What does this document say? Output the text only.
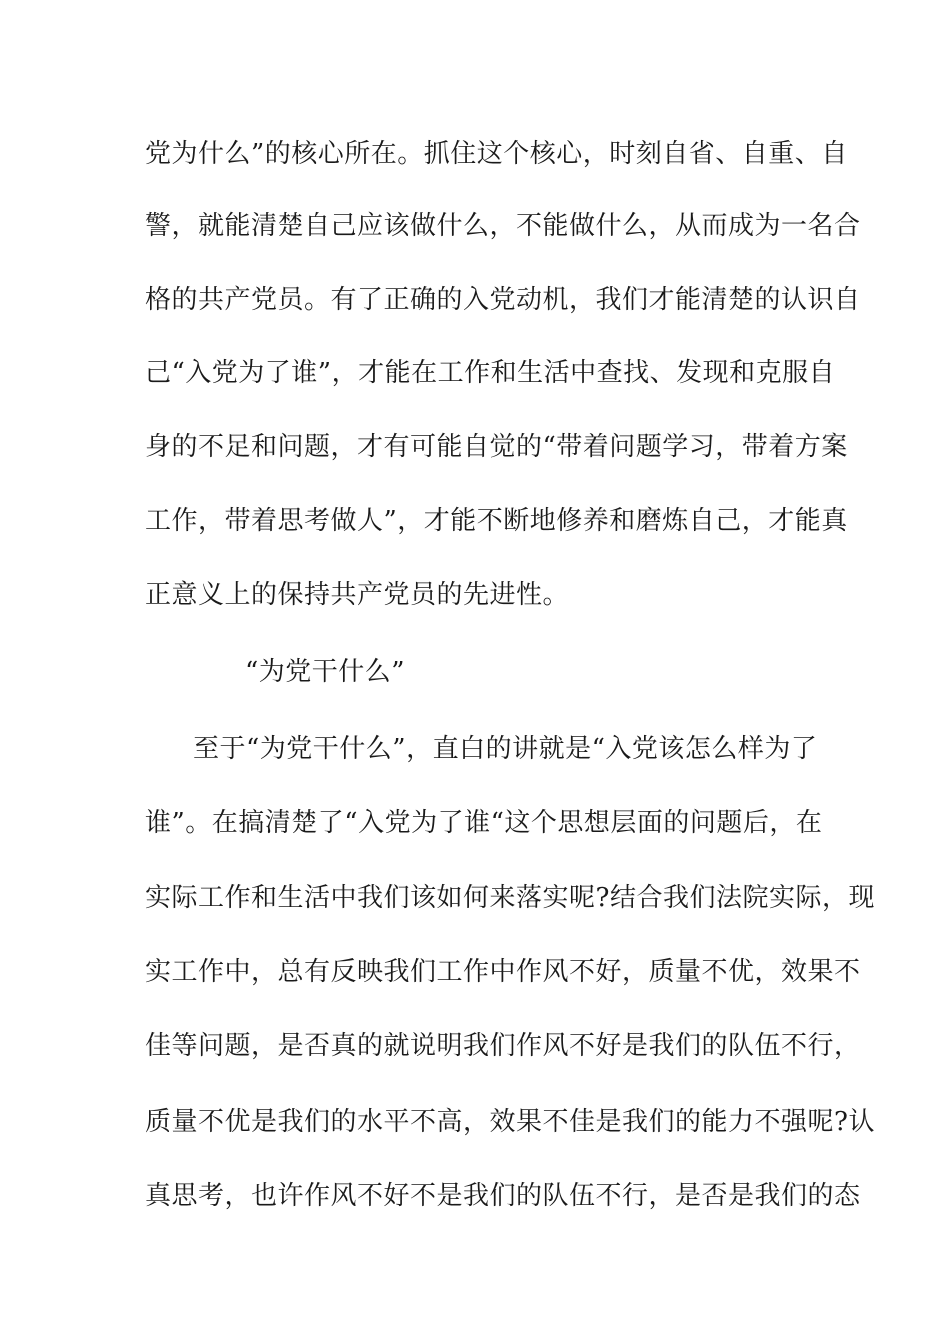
党为什么”的核心所在。抓住这个核心，时刻自省、自重、自
警，就能清楚自己应该做什么，不能做什么，从而成为一名合
格的共产党员。有了正确的入党动机，我们才能清楚的认识自
己“入党为了谁”，才能在工作和生活中查找、发现和克服自
身的不足和问题，才有可能自觉的“带着问题学习，带着方案
工作，带着思考做人”，才能不断地修养和磨炼自己，才能真
正意义上的保持共产党员的先进性。
“为党干什么”
至于“为党干什么”，直白的讲就是“入党该怎么样为了
谁”。在搞清楚了“入党为了谁“这个思想层面的问题后，在
实际工作和生活中我们该如何来落实呢?结合我们法院实际，现
实工作中，总有反映我们工作中作风不好，质量不优，效果不
佳等问题，是否真的就说明我们作风不好是我们的队伍不行，
质量不优是我们的水平不高，效果不佳是我们的能力不强呢?认
真思考，也许作风不好不是我们的队伍不行，是否是我们的态
